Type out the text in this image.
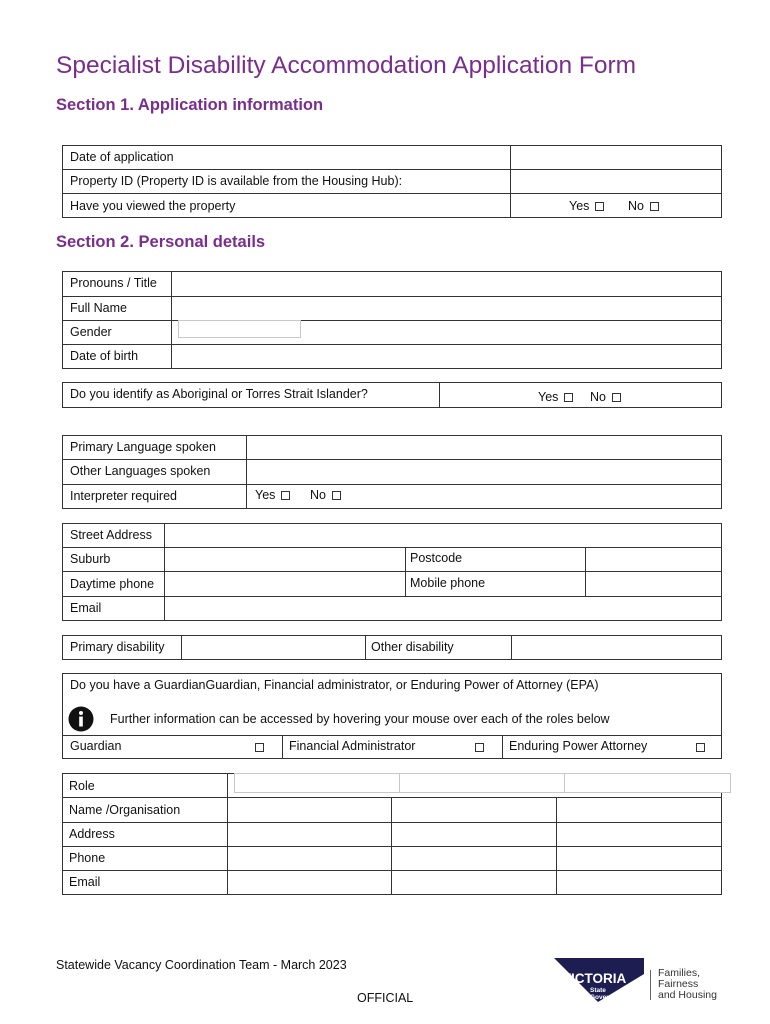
Specialist Disability Accommodation Application Form
Section 1. Application information
Date of application
Property ID (Property ID is available from the Housing Hub):
Have you viewed the property	Yes	No
Section 2. Personal details
Pronouns / Title
Full Name
Gender
Date of birth
Do you identify as Aboriginal or Torres Strait Islander?	Yes	No
Primary Language spoken
Other Languages spoken
Interpreter required	Yes	No
Street Address
Suburb	Postcode
Daytime phone	Mobile phone
Email
Primary disability	Other disability
Do you have a GuardianGuardian, Financial administrator, or Enduring Power of Attorney (EPA)
Further information can be accessed by hovering your mouse over each of the roles below
Guardian	Financial Administrator	Enduring Power Attorney
Role
Name /Organisation
Address
Phone
Email
Statewide Vacancy Coordination Team - March 2023
OFFICIAL
VICTORIA
State
Government
Families,
Fairness
and Housing
